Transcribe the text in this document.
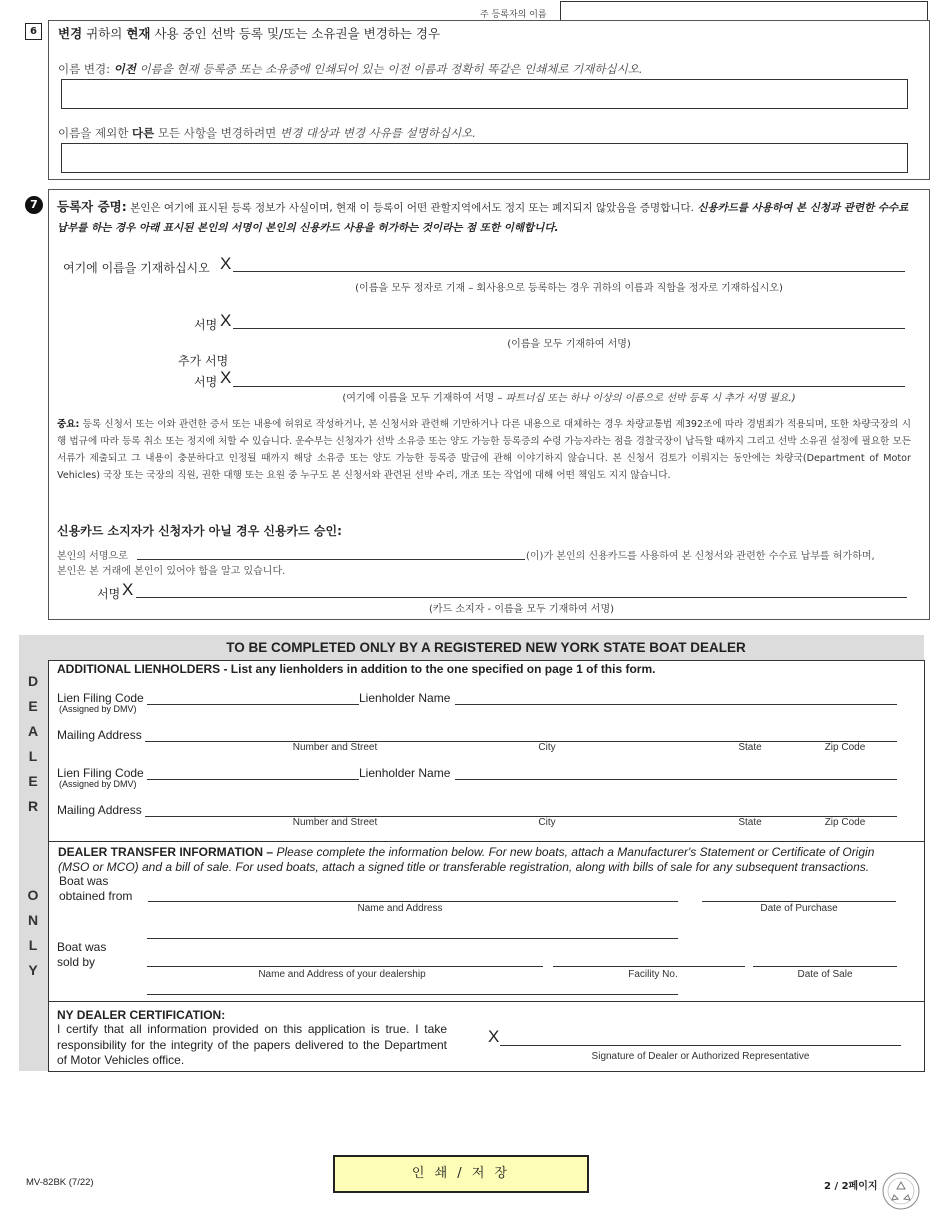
주 등록자의 이름
6	변경 귀하의 현재 사용 중인 선박 등록 및/또는 소유권을 변경하는 경우
이름 변경: 이전 이름을 현재 등록증 또는 소유증에 인쇄되어 있는 이전 이름과 정확히 똑같은 인쇄체로 기재하십시오.
이름을 제외한 다른 모든 사항을 변경하려면 변경 대상과 변경 사유를 설명하십시오.
7	등록자 증명: 본인은 여기에 표시된 등록 정보가 사실이며, 현재 이 등록이 어떤 관할지역에서도 정지 또는 폐지되지 않았음을 증명합니다. 신용카드를 사용하여 본 신청과 관련한 수수료 납부를 하는 경우 아래 표시된 본인의 서명이 본인의 신용카드 사용을 허가하는 것이라는 점 또한 이해합니다.
여기에 이름을 기재하십시오 X
(이름을 모두 정자로 기재 – 회사용으로 등록하는 경우 귀하의 이름과 직함을 정자로 기재하십시오)
서명 X
(이름을 모두 기재하여 서명)
추가 서명
서명 X
(여기에 이름을 모두 기재하여 서명 – 파트너십 또는 하나 이상의 이름으로 선박 등록 시 추가 서명 필요.)
중요: 등록 신청서 또는 이와 관련한 증서 또는 내용에 허위로 작성하거나, 본 신청서와 관련해 기만하거나 다른 내용으로 대체하는 경우 차량교통법 제392조에 따라 경범죄가 적용되며, 또한 차량국장의 시행 법규에 따라 등록 취소 또는 정지에 처할 수 있습니다. 운수부는 신청자가 선박 소유증 또는 양도 가능한 등록증의 수령 가능자라는 점을 경찰국장이 납득할 때까지 그리고 선박 소유권 설정에 필요한 모든 서류가 제출되고 그 내용이 충분하다고 인정될 때까지 해당 소유증 또는 양도 가능한 등록증 발급에 관해 이야기하지 않습니다. 본 신청서 검토가 이뤄지는 동안에는 차량국(Department of Motor Vehicles) 국장 또는 국장의 직원, 권한 대행 또는 요원 중 누구도 본 신청서와 관련된 선박 수리, 개조 또는 작업에 대해 어떤 책임도 지지 않습니다.
신용카드 소지자가 신청자가 아닐 경우 신용카드 승인:
본인의 서명으로	(이)가 본인의 신용카드를 사용하여 본 신청서와 관련한 수수료 납부를 허가하며,
본인은 본 거래에 본인이 있어야 함을 알고 있습니다.
서명 X
(카드 소지자 - 이름을 모두 기재하여 서명)
TO BE COMPLETED ONLY BY A REGISTERED NEW YORK STATE BOAT DEALER
D
E
A
L
E
R
O
N
L
Y
ADDITIONAL LIENHOLDERS - List any lienholders in addition to the one specified on page 1 of this form.
Lien Filing Code
(Assigned by DMV)
Lienholder Name
Mailing Address
Number and Street	City	State	Zip Code
Lien Filing Code
(Assigned by DMV)
Lienholder Name
Mailing Address
Number and Street	City	State	Zip Code
DEALER TRANSFER INFORMATION – Please complete the information below. For new boats, attach a Manufacturer's Statement or Certificate of Origin (MSO or MCO) and a bill of sale. For used boats, attach a signed title or transferable registration, along with bills of sale for any subsequent transactions.
Boat was
obtained from
Name and Address	Date of Purchase
Boat was
sold by
Name and Address of your dealership	Facility No.	Date of Sale
NY DEALER CERTIFICATION:
I certify that all information provided on this application is true. I take responsibility for the integrity of the papers delivered to the Department of Motor Vehicles office.
X
Signature of Dealer or Authorized Representative
MV-82BK (7/22)
인 쇄 / 저 장
2 / 2페이지
